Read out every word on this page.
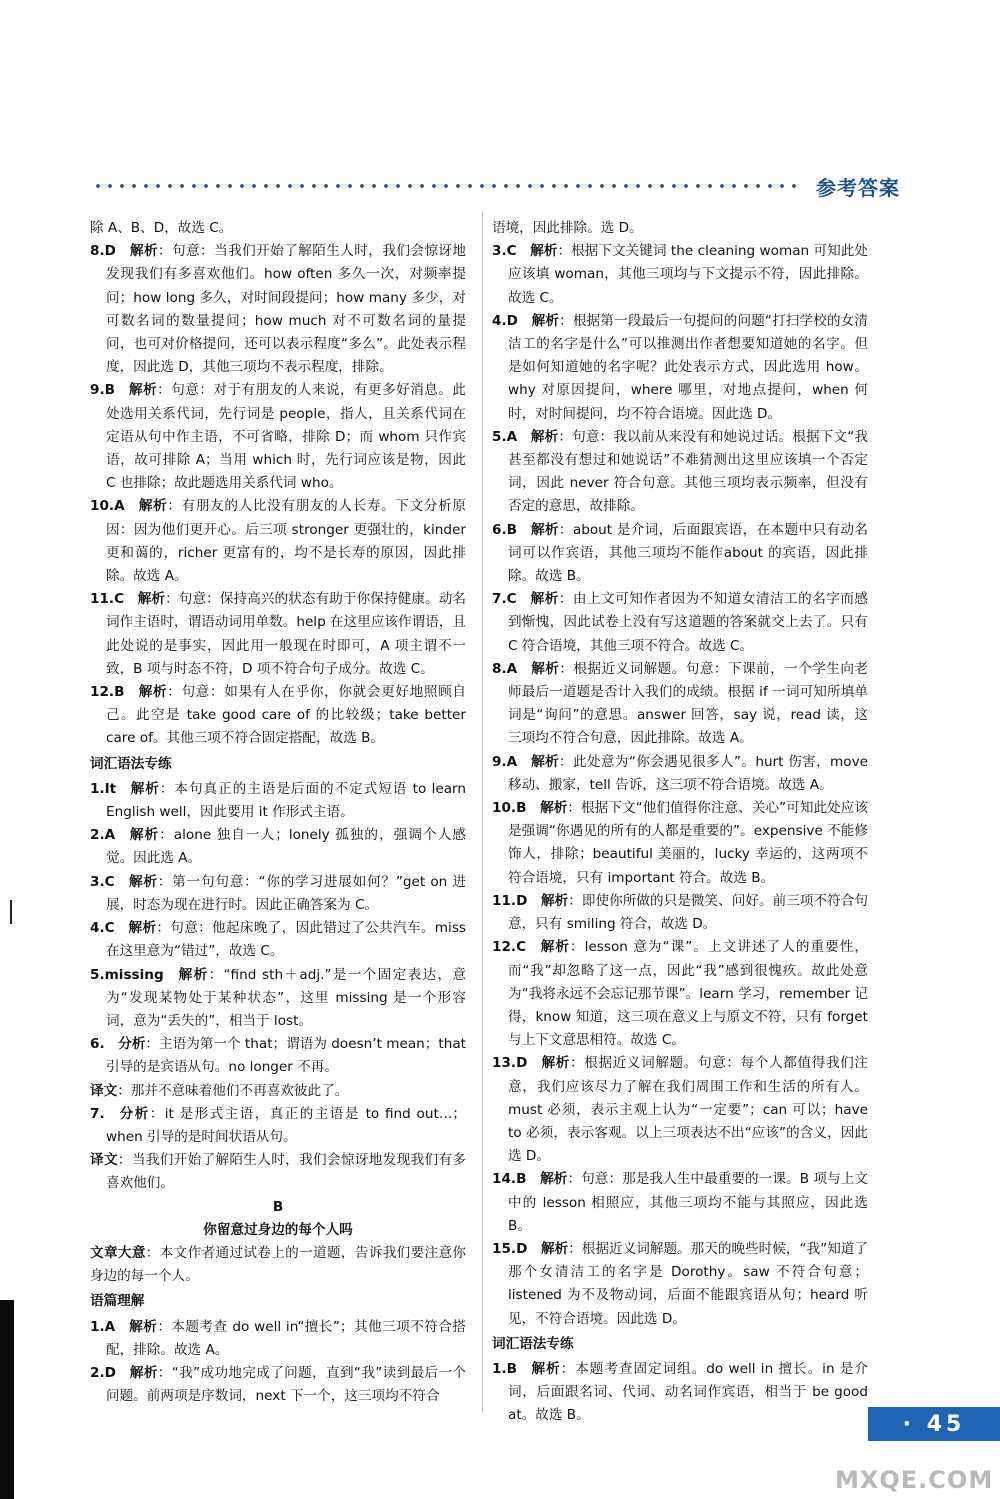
参考答案
除 A、B、D，故选 C。
8.D 解析：句意：当我们开始了解陌生人时，我们会惊讶地发现我们有多喜欢他们。how often 多久一次，对频率提问；how long 多久，对时间段提问；how many 多少，对可数名词的数量提问；how much 对不可数名词的量提问，也可对价格提问，还可以表示程度“多么”。此处表示程度，因此选 D，其他三项均不表示程度，排除。
9.B 解析：句意：对于有朋友的人来说，有更多好消息。此处选用关系代词，先行词是 people，指人，且关系代词在定语从句中作主语，不可省略，排除 D；而 whom 只作宾语，故可排除 A；当用 which 时，先行词应该是物，因此 C 也排除；故此题选用关系代词 who。
10.A 解析：有朋友的人比没有朋友的人长寿。下文分析原因：因为他们更开心。后三项 stronger 更强壮的，kinder 更和蔼的，richer 更富有的，均不是长寿的原因，因此排除。故选 A。
11.C 解析：句意：保持高兴的状态有助于你保持健康。动名词作主语时，谓语动词用单数。help 在这里应该作谓语，且此处说的是事实，因此用一般现在时即可，A 项主谓不一致，B 项与时态不符，D 项不符合句子成分。故选 C。
12.B 解析：句意：如果有人在乎你，你就会更好地照顾自己。此空是 take good care of 的比较级；take better care of。其他三项不符合固定搭配，故选 B。
词汇语法专练
1.It 解析：本句真正的主语是后面的不定式短语 to learn English well，因此要用 it 作形式主语。
2.A 解析：alone 独自一人；lonely 孤独的，强调个人感觉。因此选 A。
3.C 解析：第一句句意：“你的学习进展如何？”get on 进展，时态为现在进行时。因此正确答案为 C。
4.C 解析：句意：他起床晚了，因此错过了公共汽车。miss 在这里意为“错过”，故选 C。
5.missing 解析：“find sth＋adj.”是一个固定表达，意为“发现某物处于某种状态”，这里 missing 是一个形容词，意为“丢失的”，相当于 lost。
6. 分析：主语为第一个 that；谓语为 doesn’t mean；that 引导的是宾语从句。no longer 不再。
译文：那并不意味着他们不再喜欢彼此了。
7. 分析：it 是形式主语，真正的主语是 to find out…；when 引导的是时间状语从句。
译文：当我们开始了解陌生人时，我们会惊讶地发现我们有多喜欢他们。
B
你留意过身边的每个人吗
文章大意：本文作者通过试卷上的一道题，告诉我们要注意你身边的每一个人。
语篇理解
1.A 解析：本题考查 do well in“擅长”；其他三项不符合搭配，排除。故选 A。
2.D 解析：“我”成功地完成了问题，直到“我”读到最后一个问题。前两项是序数词，next 下一个，这三项均不符合
语境，因此排除。选 D。
3.C 解析：根据下文关键词 the cleaning woman 可知此处应该填 woman，其他三项均与下文提示不符，因此排除。故选 C。
4.D 解析：根据第一段最后一句提问的问题“打扫学校的女清洁工的名字是什么”可以推测出作者想要知道她的名字。但是如何知道她的名字呢？此处表示方式，因此选用 how。why 对原因提问，where 哪里，对地点提问，when 何时，对时间提问，均不符合语境。因此选 D。
5.A 解析：句意：我以前从来没有和她说过话。根据下文“我甚至都没有想过和她说话”不难猜测出这里应该填一个否定词，因此 never 符合句意。其他三项均表示频率，但没有否定的意思，故排除。
6.B 解析：about 是介词，后面跟宾语，在本题中只有动名词可以作宾语，其他三项均不能作about 的宾语，因此排除。故选 B。
7.C 解析：由上文可知作者因为不知道女清洁工的名字而感到惭愧，因此试卷上没有写这道题的答案就交上去了。只有 C 符合语境，其他三项不符合。故选 C。
8.A 解析：根据近义词解题。句意：下课前，一个学生向老师最后一道题是否计入我们的成绩。根据 if 一词可知所填单词是“询问”的意思。answer 回答，say 说，read 读，这三项均不符合句意，因此排除。故选 A。
9.A 解析：此处意为“你会遇见很多人”。hurt 伤害，move 移动、搬家，tell 告诉，这三项不符合语境。故选 A。
10.B 解析：根据下文“他们值得你注意、关心”可知此处应该是强调“你遇见的所有的人都是重要的”。expensive 不能修饰人，排除；beautiful 美丽的，lucky 幸运的，这两项不符合语境，只有 important 符合。故选 B。
11.D 解析：即使你所做的只是微笑、问好。前三项不符合句意，只有 smiling 符合，故选 D。
12.C 解析：lesson 意为“课”。上文讲述了人的重要性，而“我”却忽略了这一点，因此“我”感到很愧疚。故此处意为“我将永远不会忘记那节课”。learn 学习，remember 记得，know 知道，这三项在意义上与原文不符，只有 forget 与上下文意思相符。故选 C。
13.D 解析：根据近义词解题。句意：每个人都值得我们注意，我们应该尽力了解在我们周围工作和生活的所有人。must 必须，表示主观上认为“一定要”；can 可以；have to 必须，表示客观。以上三项表达不出“应该”的含义，因此选 D。
14.B 解析：句意：那是我人生中最重要的一课。B 项与上文中的 lesson 相照应，其他三项均不能与其照应，因此选 B。
15.D 解析：根据近义词解题。那天的晚些时候，“我”知道了那个女清洁工的名字是 Dorothy。saw 不符合句意；listened 为不及物动词，后面不能跟宾语从句；heard 听见，不符合语境。因此选 D。
词汇语法专练
1.B 解析：本题考查固定词组。do well in 擅长。in 是介词，后面跟名词、代词、动名词作宾语，相当于 be good at。故选 B。	· 45
MXQE.COM
